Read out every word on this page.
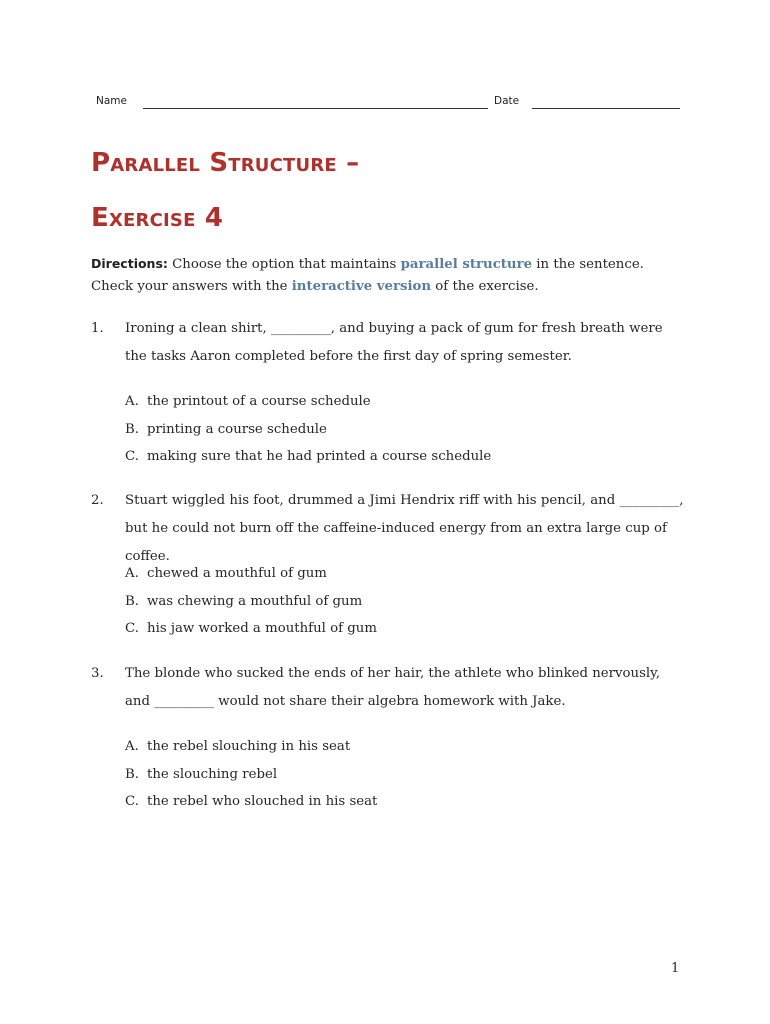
Name	Date
Parallel Structure –
Exercise 4

Directions: Choose the option that maintains parallel structure in the sentence. Check your answers with the interactive version of the exercise.

1. Ironing a clean shirt, _________, and buying a pack of gum for fresh breath were the tasks Aaron completed before the first day of spring semester.

A. the printout of a course schedule
B. printing a course schedule
C. making sure that he had printed a course schedule
2. Stuart wiggled his foot, drummed a Jimi Hendrix riff with his pencil, and _________, but he could not burn off the caffeine-induced energy from an extra large cup of coffee.

A. chewed a mouthful of gum
B. was chewing a mouthful of gum
C. his jaw worked a mouthful of gum
3. The blonde who sucked the ends of her hair, the athlete who blinked nervously, and _________ would not share their algebra homework with Jake.

A. the rebel slouching in his seat
B. the slouching rebel
C. the rebel who slouched in his seat
1
